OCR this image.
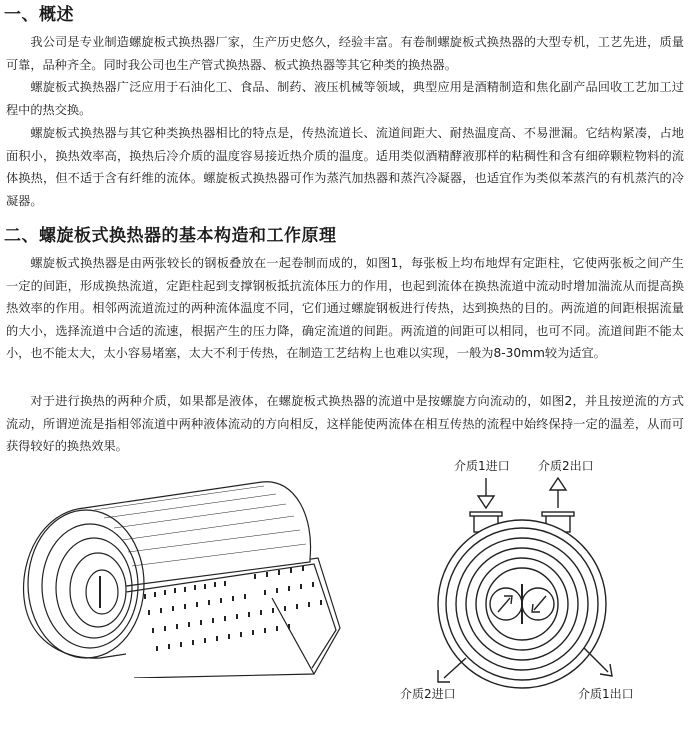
一、概述

我公司是专业制造螺旋板式换热器厂家，生产历史悠久，经验丰富。有卷制螺旋板式换热器的大型专机，工艺先进，质量可靠，品种齐全。同时我公司也生产管式换热器、板式换热器等其它种类的换热器。

螺旋板式换热器广泛应用于石油化工、食品、制药、液压机械等领域，典型应用是酒精制造和焦化副产品回收工艺加工过程中的热交换。

螺旋板式换热器与其它种类换热器相比的特点是，传热流道长、流道间距大、耐热温度高、不易泄漏。它结构紧凑，占地面积小，换热效率高，换热后冷介质的温度容易接近热介质的温度。适用类似酒精酵液那样的粘稠性和含有细碎颗粒物料的流体换热，但不适于含有纤维的流体。螺旋板式换热器可作为蒸汽加热器和蒸汽冷凝器，也适宜作为类似苯蒸汽的有机蒸汽的冷凝器。

二、螺旋板式换热器的基本构造和工作原理

螺旋板式换热器是由两张较长的钢板叠放在一起卷制而成的，如图1，每张板上均布地焊有定距柱，它使两张板之间产生一定的间距，形成换热流道，定距柱起到支撑钢板抵抗流体压力的作用，也起到流体在换热流道中流动时增加湍流从而提高换热效率的作用。相邻两流道流过的两种流体温度不同，它们通过螺旋钢板进行传热，达到换热的目的。两流道的间距根据流量的大小，选择流道中合适的流速，根据产生的压力降，确定流道的间距。两流道的间距可以相同，也可不同。流道间距不能太小，也不能太大，太小容易堵塞，太大不利于传热，在制造工艺结构上也难以实现，一般为8-30mm较为适宜。

对于进行换热的两种介质，如果都是液体，在螺旋板式换热器的流道中是按螺旋方向流动的，如图2，并且按逆流的方式流动，所谓逆流是指相邻流道中两种液体流动的方向相反，这样能使两流体在相互传热的流程中始终保持一定的温差，从而可获得较好的换热效果。

介质1进口 介质2出口
介质2进口	介质1出口
